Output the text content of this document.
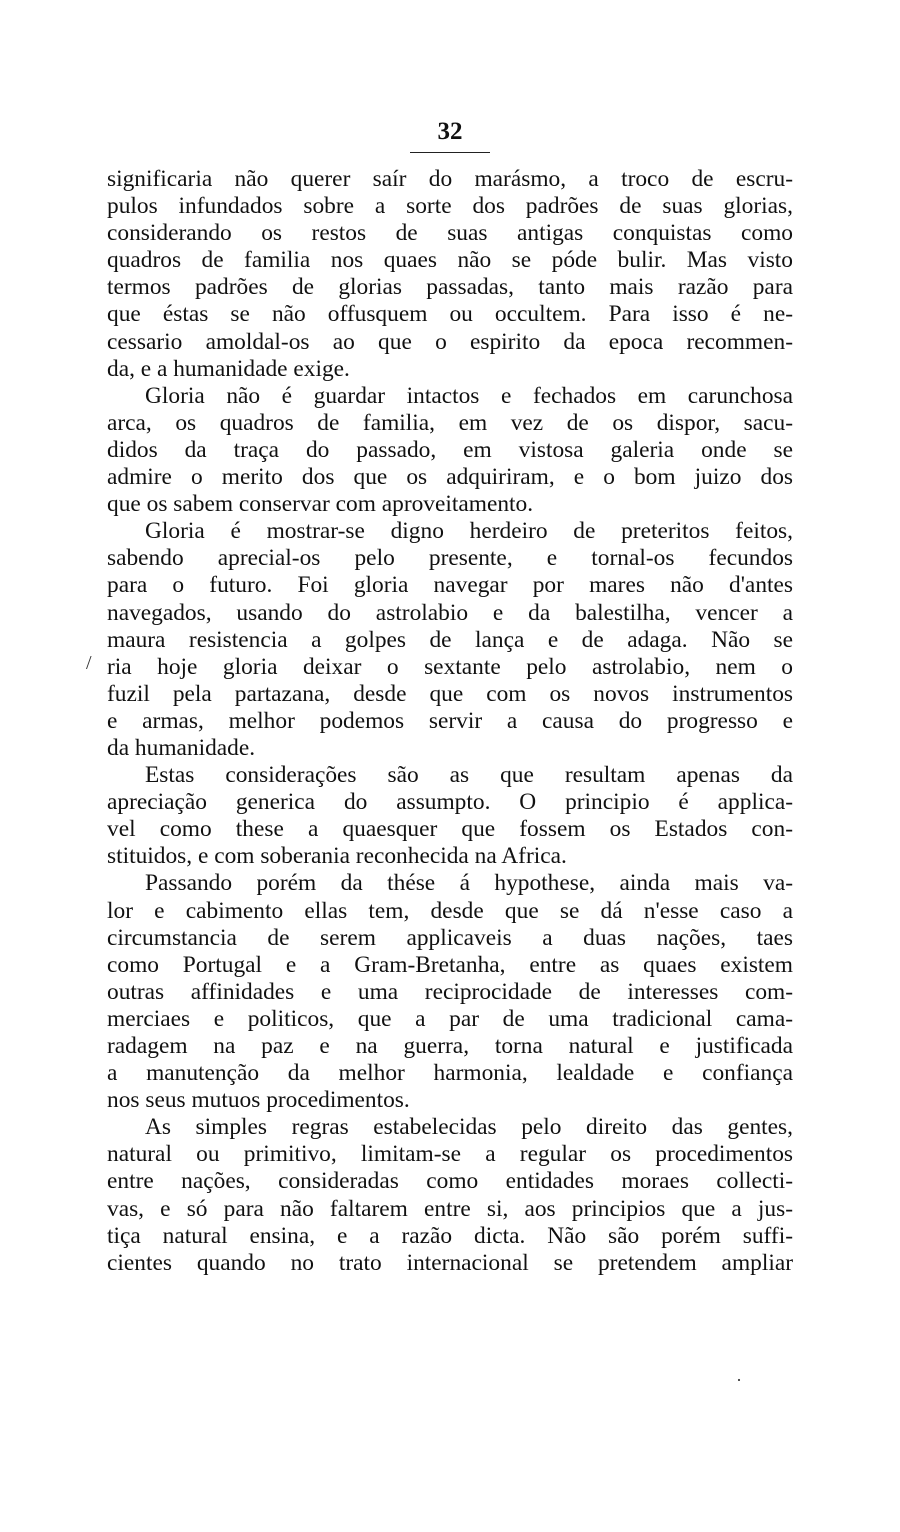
32
significaria não querer saír do marásmo, a troco de escru-
pulos infundados sobre a sorte dos padrões de suas glorias,
considerando os restos de suas antigas conquistas como
quadros de familia nos quaes não se póde bulir. Mas visto
termos padrões de glorias passadas, tanto mais razão para
que éstas se não offusquem ou occultem. Para isso é ne-
cessario amoldal-os ao que o espirito da epoca recommen-
da, e a humanidade exige.
Gloria não é guardar intactos e fechados em carunchosa
arca, os quadros de familia, em vez de os dispor, sacu-
didos da traça do passado, em vistosa galeria onde se
admire o merito dos que os adquiriram, e o bom juizo dos
que os sabem conservar com aproveitamento.
Gloria é mostrar-se digno herdeiro de preteritos feitos,
sabendo aprecial-os pelo presente, e tornal-os fecundos
para o futuro. Foi gloria navegar por mares não d'antes
navegados, usando do astrolabio e da balestilha, vencer a
maura resistencia a golpes de lança e de adaga. Não se
ria hoje gloria deixar o sextante pelo astrolabio, nem o
fuzil pela partazana, desde que com os novos instrumentos
e armas, melhor podemos servir a causa do progresso e
da humanidade.
Estas considerações são as que resultam apenas da
apreciação generica do assumpto. O principio é applica-
vel como these a quaesquer que fossem os Estados con-
stituidos, e com soberania reconhecida na Africa.
Passando porém da thése á hypothese, ainda mais va-
lor e cabimento ellas tem, desde que se dá n'esse caso a
circumstancia de serem applicaveis a duas nações, taes
como Portugal e a Gram-Bretanha, entre as quaes existem
outras affinidades e uma reciprocidade de interesses com-
merciaes e politicos, que a par de uma tradicional cama-
radagem na paz e na guerra, torna natural e justificada
a manutenção da melhor harmonia, lealdade e confiança
nos seus mutuos procedimentos.
As simples regras estabelecidas pelo direito das gentes,
natural ou primitivo, limitam-se a regular os procedimentos
entre nações, consideradas como entidades moraes collecti-
vas, e só para não faltarem entre si, aos principios que a jus-
tiça natural ensina, e a razão dicta. Não são porém suffi-
cientes quando no trato internacional se pretendem ampliar
/
·
